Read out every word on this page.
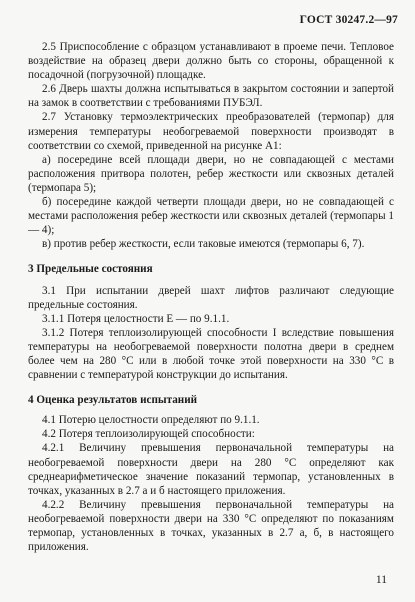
ГОСТ 30247.2—97

2.5 Приспособление с образцом устанавливают в проеме печи. Тепловое воздействие на образец двери должно быть со стороны, обращенной к посадочной (погрузочной) площадке.

2.6 Дверь шахты должна испытываться в закрытом состоянии и запертой на замок в соответствии с требованиями ПУБЭЛ.

2.7 Установку термоэлектрических преобразователей (термопар) для измерения температуры необогреваемой поверхности производят в соответствии со схемой, приведенной на рисунке А1:

а) посередине всей площади двери, но не совпадающей с местами расположения притвора полотен, ребер жесткости или сквозных деталей (термопара 5);

б) посередине каждой четверти площади двери, но не совпадающей с местами расположения ребер жесткости или сквозных деталей (термопары 1— 4);

в) против ребер жесткости, если таковые имеются (термопары 6, 7).

3 Предельные состояния

3.1 При испытании дверей шахт лифтов различают следующие предельные состояния.

3.1.1 Потеря целостности Е — по 9.1.1.

3.1.2 Потеря теплоизолирующей способности I вследствие повышения температуры на необогреваемой поверхности полотна двери в среднем более чем на 280 °С или в любой точке этой поверхности на 330 °С в сравнении с температурой конструкции до испытания.

4 Оценка результатов испытаний

4.1 Потерю целостности определяют по 9.1.1.

4.2 Потеря теплоизолирующей способности:

4.2.1 Величину превышения первоначальной температуры на необогреваемой поверхности двери на 280 °С определяют как среднеарифметическое значение показаний термопар, установленных в точках, указанных в 2.7 а и б настоящего приложения.

4.2.2 Величину превышения первоначальной температуры на необогреваемой поверхности двери на 330 °С определяют по показаниям термопар, установленных в точках, указанных в 2.7 а, б, в настоящего приложения.

11
